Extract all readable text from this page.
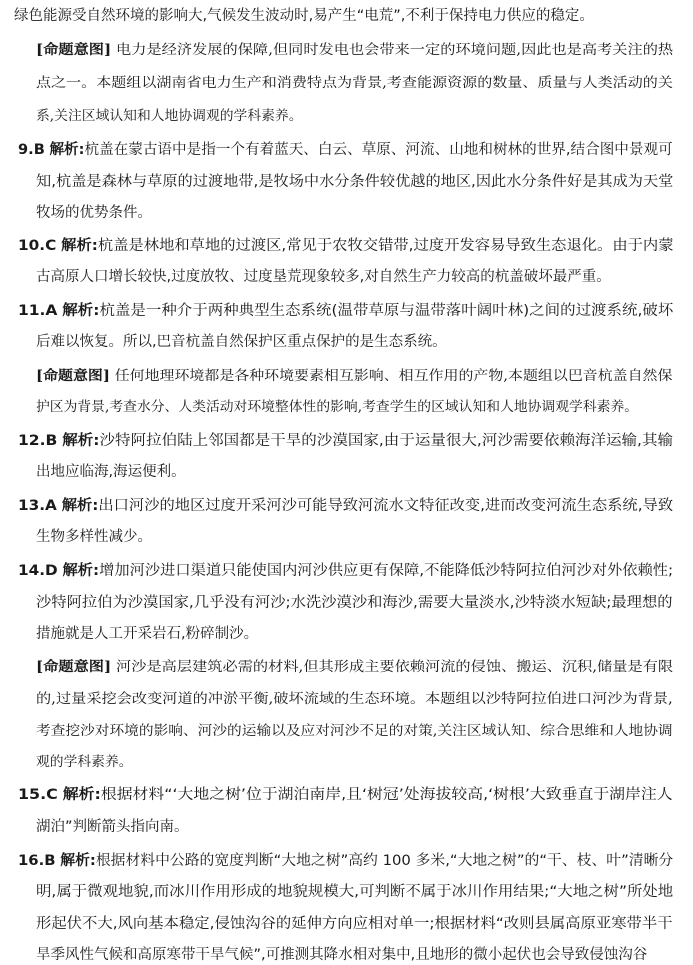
绿色能源受自然环境的影响大,气候发生波动时,易产生“电荒”,不利于保持电力供应的稳定。
[命题意图] 电力是经济发展的保障,但同时发电也会带来一定的环境问题,因此也是高考关注的热
点之一。本题组以湖南省电力生产和消费特点为背景,考查能源资源的数量、质量与人类活动的关
系,关注区域认知和人地协调观的学科素养。
9.B 解析:杭盖在蒙古语中是指一个有着蓝天、白云、草原、河流、山地和树林的世界,结合图中景观可
知,杭盖是森林与草原的过渡地带,是牧场中水分条件较优越的地区,因此水分条件好是其成为天堂
牧场的优势条件。
10.C 解析:杭盖是林地和草地的过渡区,常见于农牧交错带,过度开发容易导致生态退化。由于内蒙
古高原人口增长较快,过度放牧、过度垦荒现象较多,对自然生产力较高的杭盖破坏最严重。
11.A 解析:杭盖是一种介于两种典型生态系统(温带草原与温带落叶阔叶林)之间的过渡系统,破坏
后难以恢复。所以,巴音杭盖自然保护区重点保护的是生态系统。
[命题意图] 任何地理环境都是各种环境要素相互影响、相互作用的产物,本题组以巴音杭盖自然保
护区为背景,考查水分、人类活动对环境整体性的影响,考查学生的区域认知和人地协调观学科素养。
12.B 解析:沙特阿拉伯陆上邻国都是干旱的沙漠国家,由于运量很大,河沙需要依赖海洋运输,其输
出地应临海,海运便利。
13.A 解析:出口河沙的地区过度开采河沙可能导致河流水文特征改变,进而改变河流生态系统,导致
生物多样性减少。
14.D 解析:增加河沙进口渠道只能使国内河沙供应更有保障,不能降低沙特阿拉伯河沙对外依赖性;
沙特阿拉伯为沙漠国家,几乎没有河沙;水洗沙漠沙和海沙,需要大量淡水,沙特淡水短缺;最理想的
措施就是人工开采岩石,粉碎制沙。
[命题意图] 河沙是高层建筑必需的材料,但其形成主要依赖河流的侵蚀、搬运、沉积,储量是有限
的,过量采挖会改变河道的冲淤平衡,破坏流域的生态环境。本题组以沙特阿拉伯进口河沙为背景,
考查挖沙对环境的影响、河沙的运输以及应对河沙不足的对策,关注区域认知、综合思维和人地协调
观的学科素养。
15.C 解析:根据材料“‘大地之树’位于湖泊南岸,且‘树冠’处海拔较高,‘树根’大致垂直于湖岸注人
湖泊”判断箭头指向南。
16.B 解析:根据材料中公路的宽度判断“大地之树”高约 100 多米,“大地之树”的“干、枝、叶”清晰分
明,属于微观地貌,而冰川作用形成的地貌规模大,可判断不属于冰川作用结果;“大地之树”所处地
形起伏不大,风向基本稳定,侵蚀沟谷的延伸方向应相对单一;根据材料“改则县属高原亚寒带半干
旱季风性气候和高原寒带干旱气候”,可推测其降水相对集中,且地形的微小起伏也会导致侵蚀沟谷
